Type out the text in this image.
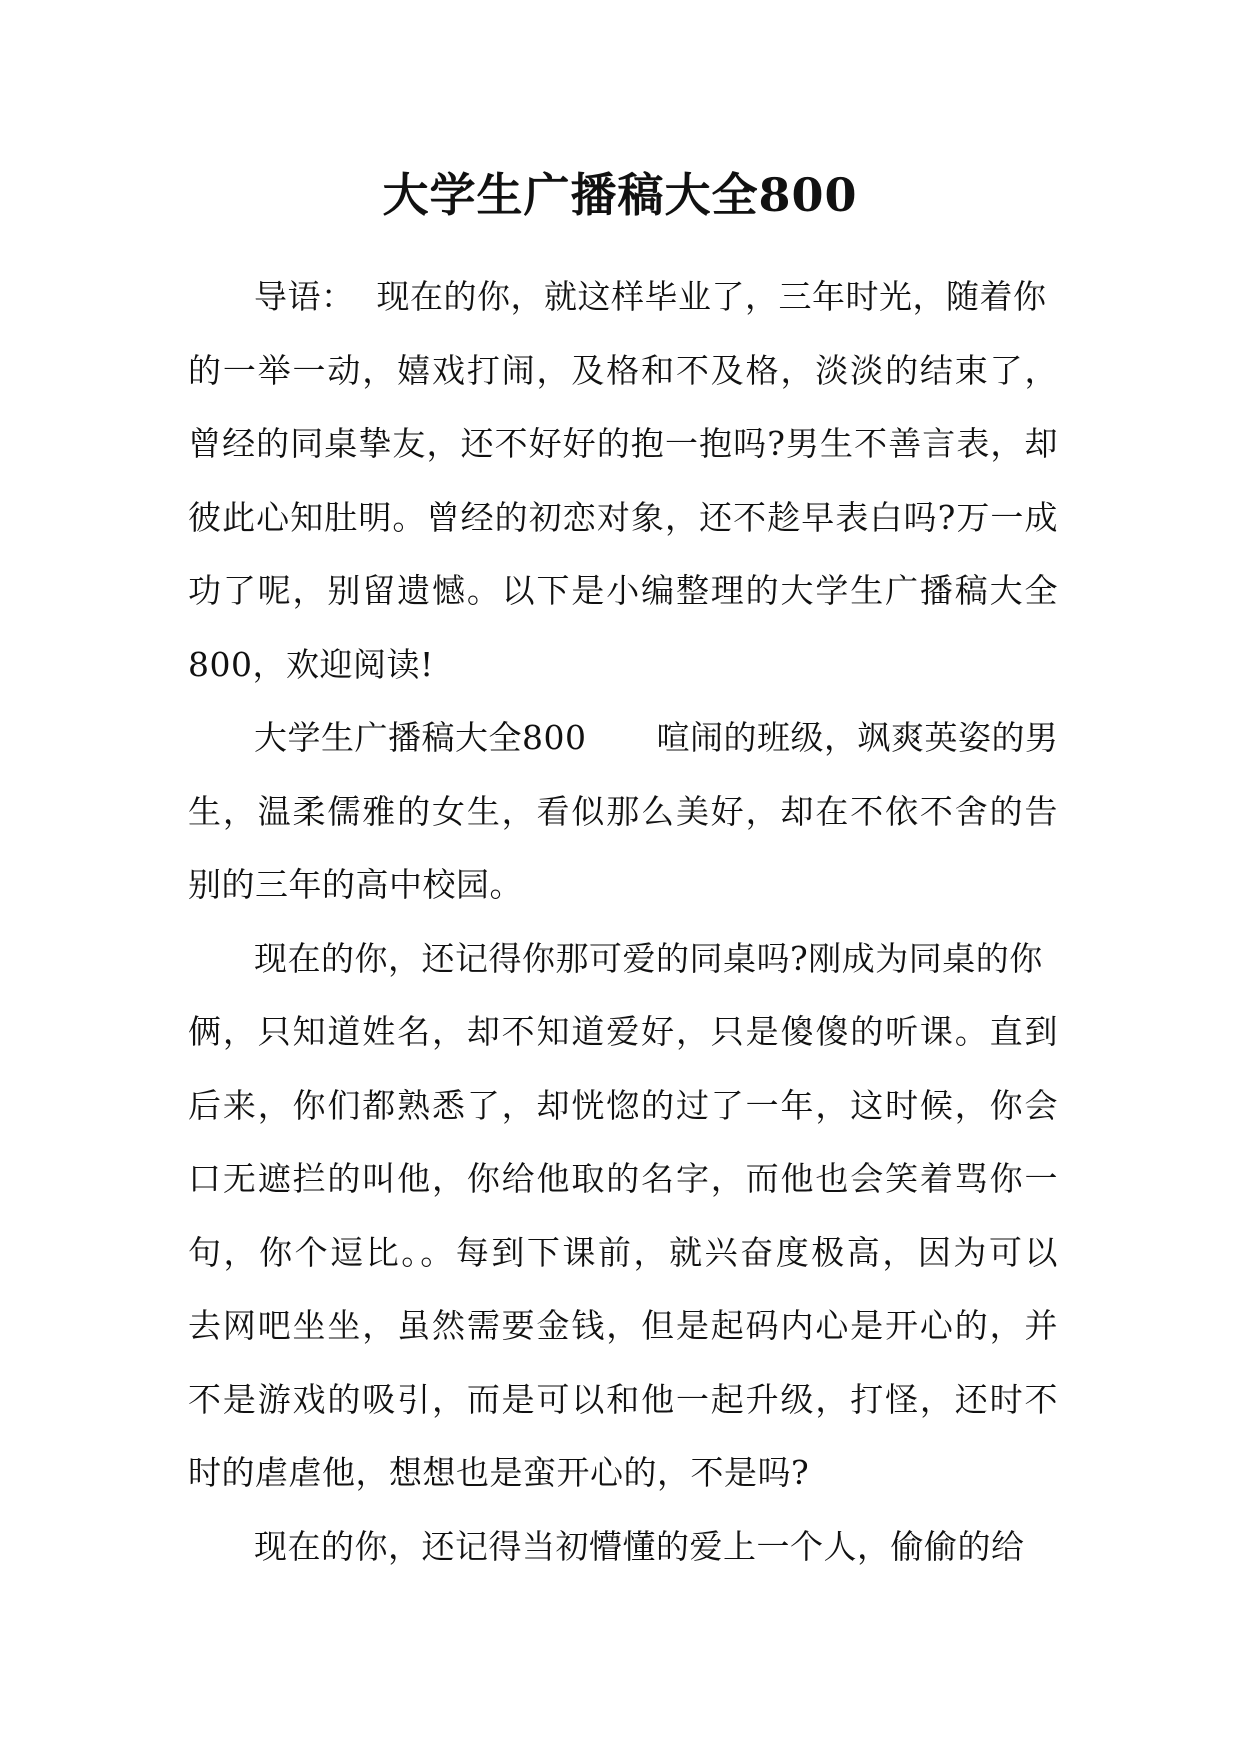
大学生广播稿大全800
导语： 现在的你，就这样毕业了，三年时光，随着你
的一举一动，嬉戏打闹，及格和不及格，淡淡的结束了，
曾经的同桌挚友，还不好好的抱一抱吗?男生不善言表，却
彼此心知肚明。曾经的初恋对象，还不趁早表白吗?万一成
功了呢，别留遗憾。以下是小编整理的大学生广播稿大全
800，欢迎阅读!
大学生广播稿大全800 喧闹的班级，飒爽英姿的男
生，温柔儒雅的女生，看似那么美好，却在不依不舍的告
别的三年的高中校园。
现在的你，还记得你那可爱的同桌吗?刚成为同桌的你
俩，只知道姓名，却不知道爱好，只是傻傻的听课。直到
后来，你们都熟悉了，却恍惚的过了一年，这时候，你会
口无遮拦的叫他，你给他取的名字，而他也会笑着骂你一
句，你个逗比。。每到下课前，就兴奋度极高，因为可以
去网吧坐坐，虽然需要金钱，但是起码内心是开心的，并
不是游戏的吸引，而是可以和他一起升级，打怪，还时不
时的虐虐他，想想也是蛮开心的，不是吗?
现在的你，还记得当初懵懂的爱上一个人，偷偷的给
